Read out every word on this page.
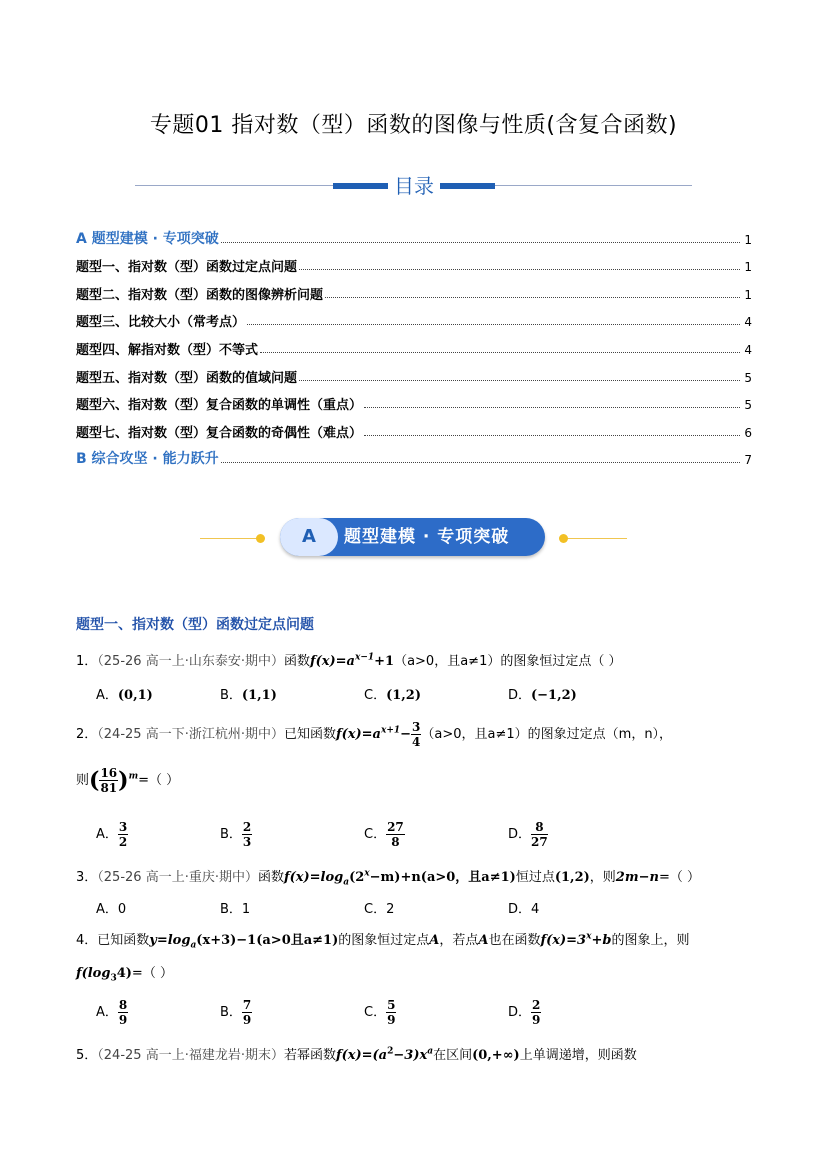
专题01 指对数（型）函数的图像与性质(含复合函数)
目录
A 题型建模 · 专项突破	1
题型一、指对数（型）函数过定点问题	1
题型二、指对数（型）函数的图像辨析问题	1
题型三、比较大小（常考点）	4
题型四、解指对数（型）不等式	4
题型五、指对数（型）函数的值域问题	5
题型六、指对数（型）复合函数的单调性（重点）	5
题型七、指对数（型）复合函数的奇偶性（难点）	6
B 综合攻坚 · 能力跃升	7
A	题型建模 · 专项突破
题型一、指对数（型）函数过定点问题
1．（25-26 高一上·山东泰安·期中）函数$f(x)=a^{x-1}+1(a>0$，且a≠1）的图象恒过定点（ ）
A．(0,1)	B．(1,1)	C．(1,2)	D．(−1,2)
2．（24-25 高一下·浙江杭州·期中）已知函数$f(x)=a^{x+1}- \frac{3}{4} (a>0$，且a≠1）的图象过定点（m，n），
则( $\frac{16}{81} )^m=$（ ）
A． $\frac{3}{2}$	B． $\frac{2}{3}$	C． $\frac{27}{8}$	D． $\frac{8}{27}$
3．（25-26 高一上·重庆·期中）函数$f(x)=\log_a(2^x-m)+n(a>0$，且a≠1)恒过点(1,2)，则2m−n=（ ）
A．0	B．1	C．2	D．4
4．已知函数$y=\log_a(x+3)-1(a>0$且a≠1)的图象恒过定点A，若点A也在函数$f(x)=3^x+b$的图象上，则
$f(\log_34)=$（ ）
A． $\frac{8}{9}$	B． $\frac{7}{9}$	C． $\frac{5}{9}$	D． $\frac{2}{9}$
5．（24-25 高一上·福建龙岩·期末）若幂函数$f(x)=(a^2-3)x^a$在区间(0,+∞)上单调递增，则函数
